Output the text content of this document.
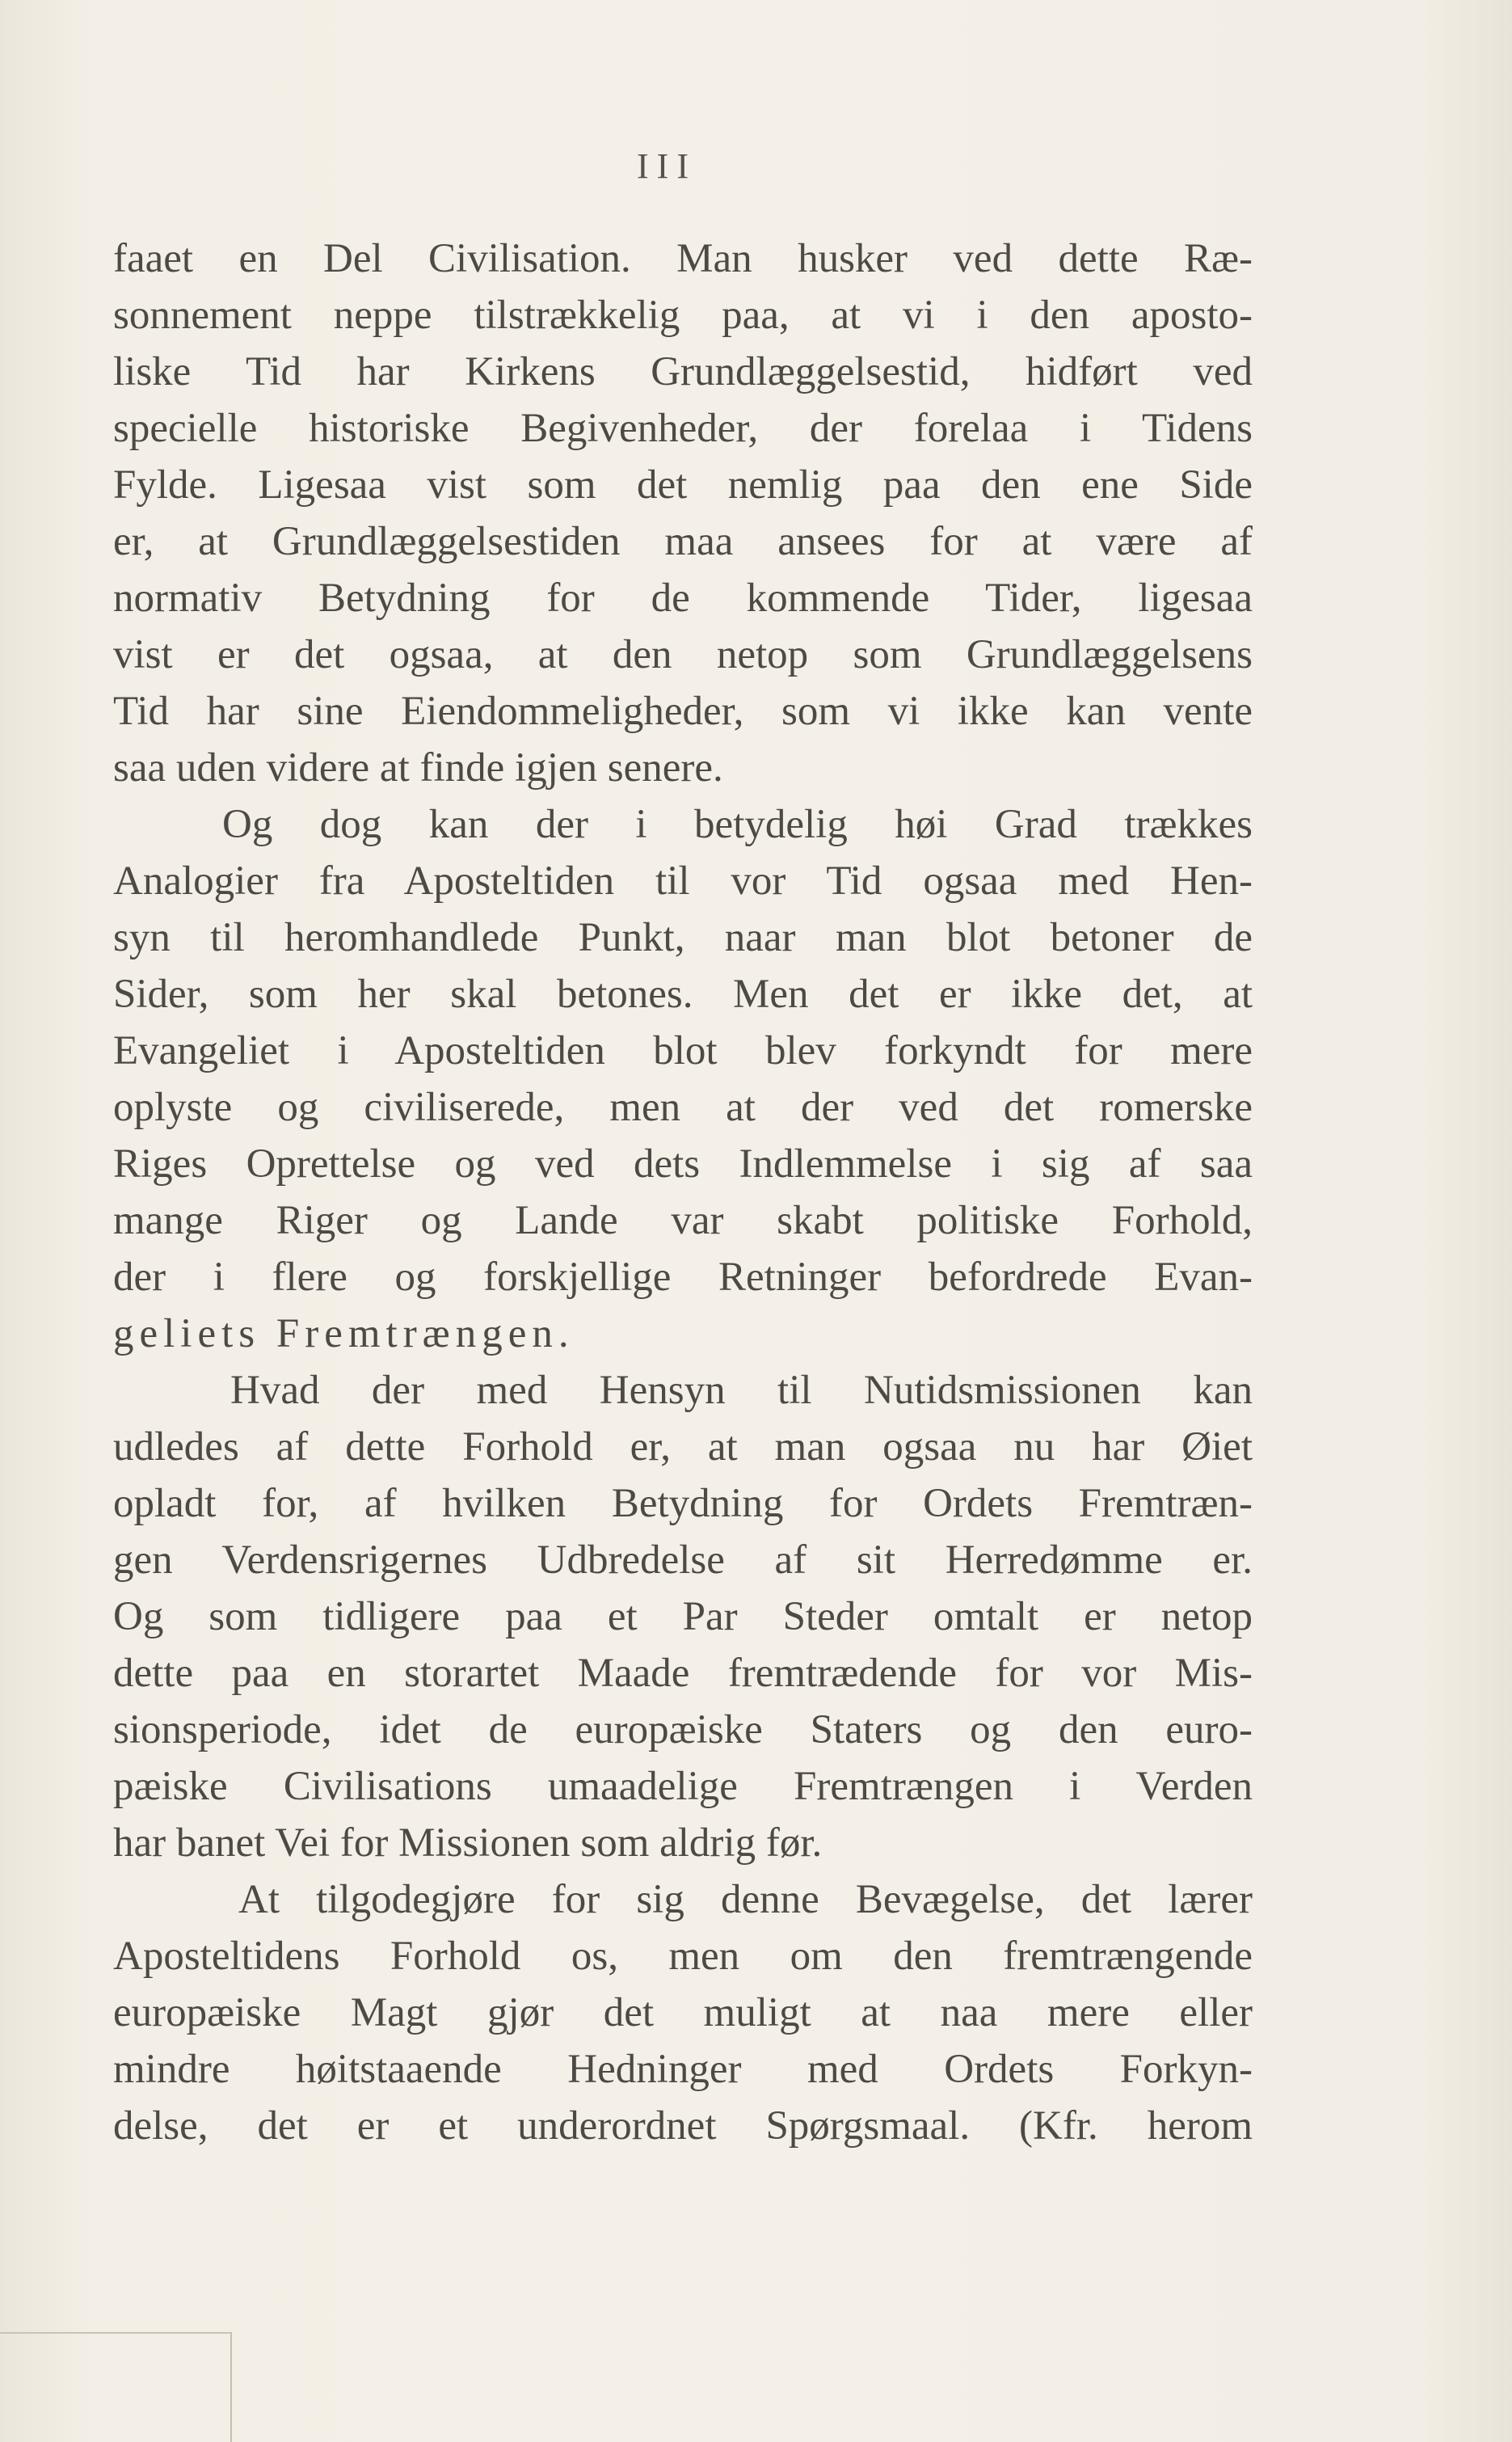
III
faaet en Del Civilisation. Man husker ved dette Ræ-
sonnement neppe tilstrækkelig paa, at vi i den aposto-
liske Tid har Kirkens Grundlæggelsestid, hidført ved
specielle historiske Begivenheder, der forelaa i Tidens
Fylde. Ligesaa vist som det nemlig paa den ene Side
er, at Grundlæggelsestiden maa ansees for at være af
normativ Betydning for de kommende Tider, ligesaa
vist er det ogsaa, at den netop som Grundlæggelsens
Tid har sine Eiendommeligheder, som vi ikke kan vente
saa uden videre at finde igjen senere.
Og dog kan der i betydelig høi Grad trækkes
Analogier fra Aposteltiden til vor Tid ogsaa med Hen-
syn til heromhandlede Punkt, naar man blot betoner de
Sider, som her skal betones. Men det er ikke det, at
Evangeliet i Aposteltiden blot blev forkyndt for mere
oplyste og civiliserede, men at der ved det romerske
Riges Oprettelse og ved dets Indlemmelse i sig af saa
mange Riger og Lande var skabt politiske Forhold,
der i flere og forskjellige Retninger befordrede Evan-
geliets Fremtrængen.
Hvad der med Hensyn til Nutidsmissionen kan
udledes af dette Forhold er, at man ogsaa nu har Øiet
opladt for, af hvilken Betydning for Ordets Fremtræn-
gen Verdensrigernes Udbredelse af sit Herredømme er.
Og som tidligere paa et Par Steder omtalt er netop
dette paa en storartet Maade fremtrædende for vor Mis-
sionsperiode, idet de europæiske Staters og den euro-
pæiske Civilisations umaadelige Fremtrængen i Verden
har banet Vei for Missionen som aldrig før.
At tilgodegjøre for sig denne Bevægelse, det lærer
Aposteltidens Forhold os, men om den fremtrængende
europæiske Magt gjør det muligt at naa mere eller
mindre høitstaaende Hedninger med Ordets Forkyn-
delse, det er et underordnet Spørgsmaal. (Kfr. herom
